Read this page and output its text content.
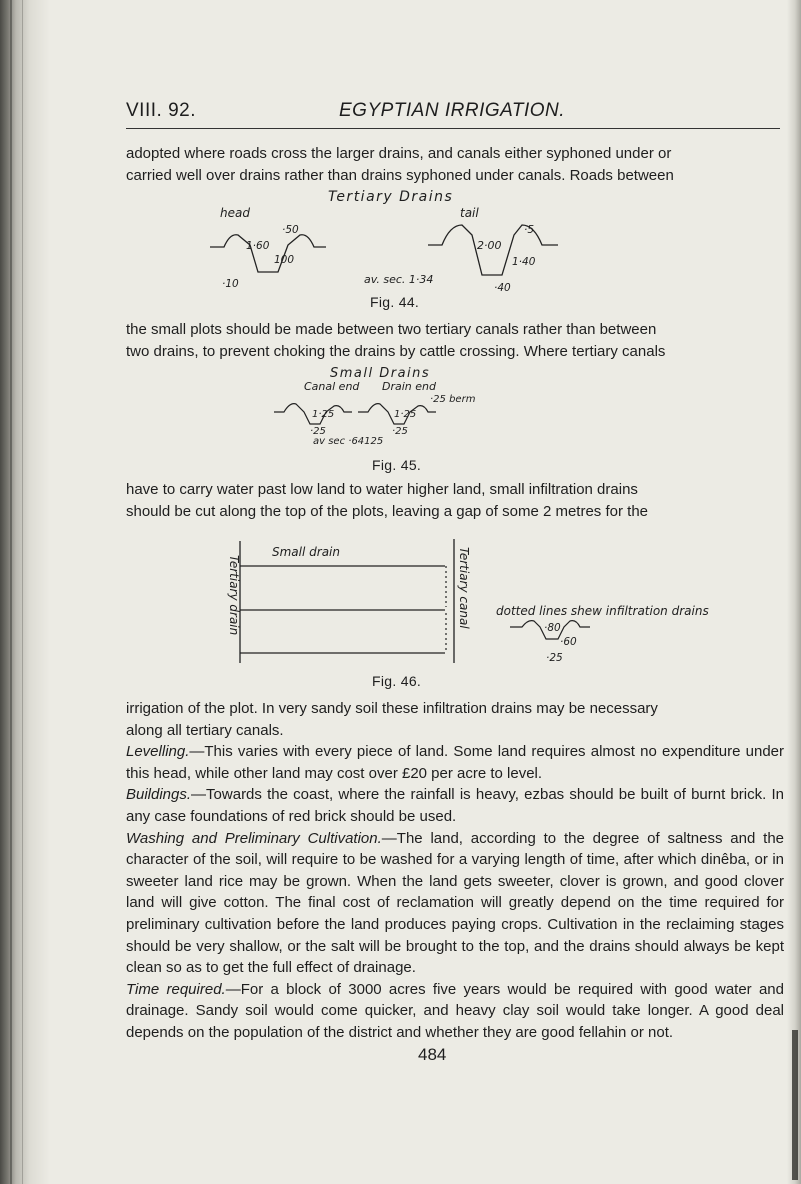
VIII. 92.	EGYPTIAN IRRIGATION.
adopted where roads cross the larger drains, and canals either syphoned under or
carried well over drains rather than drains syphoned under canals. Roads between
Tertiary Drains
head	tail
1·60
·50
100
·10
2·00
·5
1·40
·40
av. sec. 1·34
Fig. 44.
the small plots should be made between two tertiary canals rather than between
two drains, to prevent choking the drains by cattle crossing. Where tertiary canals
Small Drains
Canal end Drain end
·25 berm
1·25	1·25
·25	·25
av sec ·64125
Fig. 45.
have to carry water past low land to water higher land, small infiltration drains
should be cut along the top of the plots, leaving a gap of some 2 metres for the
Tertiary drain
Small drain	Tertiary canal dotted lines shew infiltration drains
·80
·60
·25
Fig. 46.
irrigation of the plot. In very sandy soil these infiltration drains may be necessary
along all tertiary canals.
Levelling.—This varies with every piece of land. Some land requires almost no expenditure under this head, while other land may cost over £20 per acre to level.
Buildings.—Towards the coast, where the rainfall is heavy, ezbas should be built of burnt brick. In any case foundations of red brick should be used.
Washing and Preliminary Cultivation.—The land, according to the degree of saltness and the character of the soil, will require to be washed for a varying length of time, after which dinêba, or in sweeter land rice may be grown. When the land gets sweeter, clover is grown, and good clover land will give cotton. The final cost of reclamation will greatly depend on the time required for preliminary cultivation before the land produces paying crops. Cultivation in the reclaiming stages should be very shallow, or the salt will be brought to the top, and the drains should always be kept clean so as to get the full effect of drainage.
Time required.—For a block of 3000 acres five years would be required with good water and drainage. Sandy soil would come quicker, and heavy clay soil would take longer. A good deal depends on the population of the district and whether they are good fellahin or not.
484
